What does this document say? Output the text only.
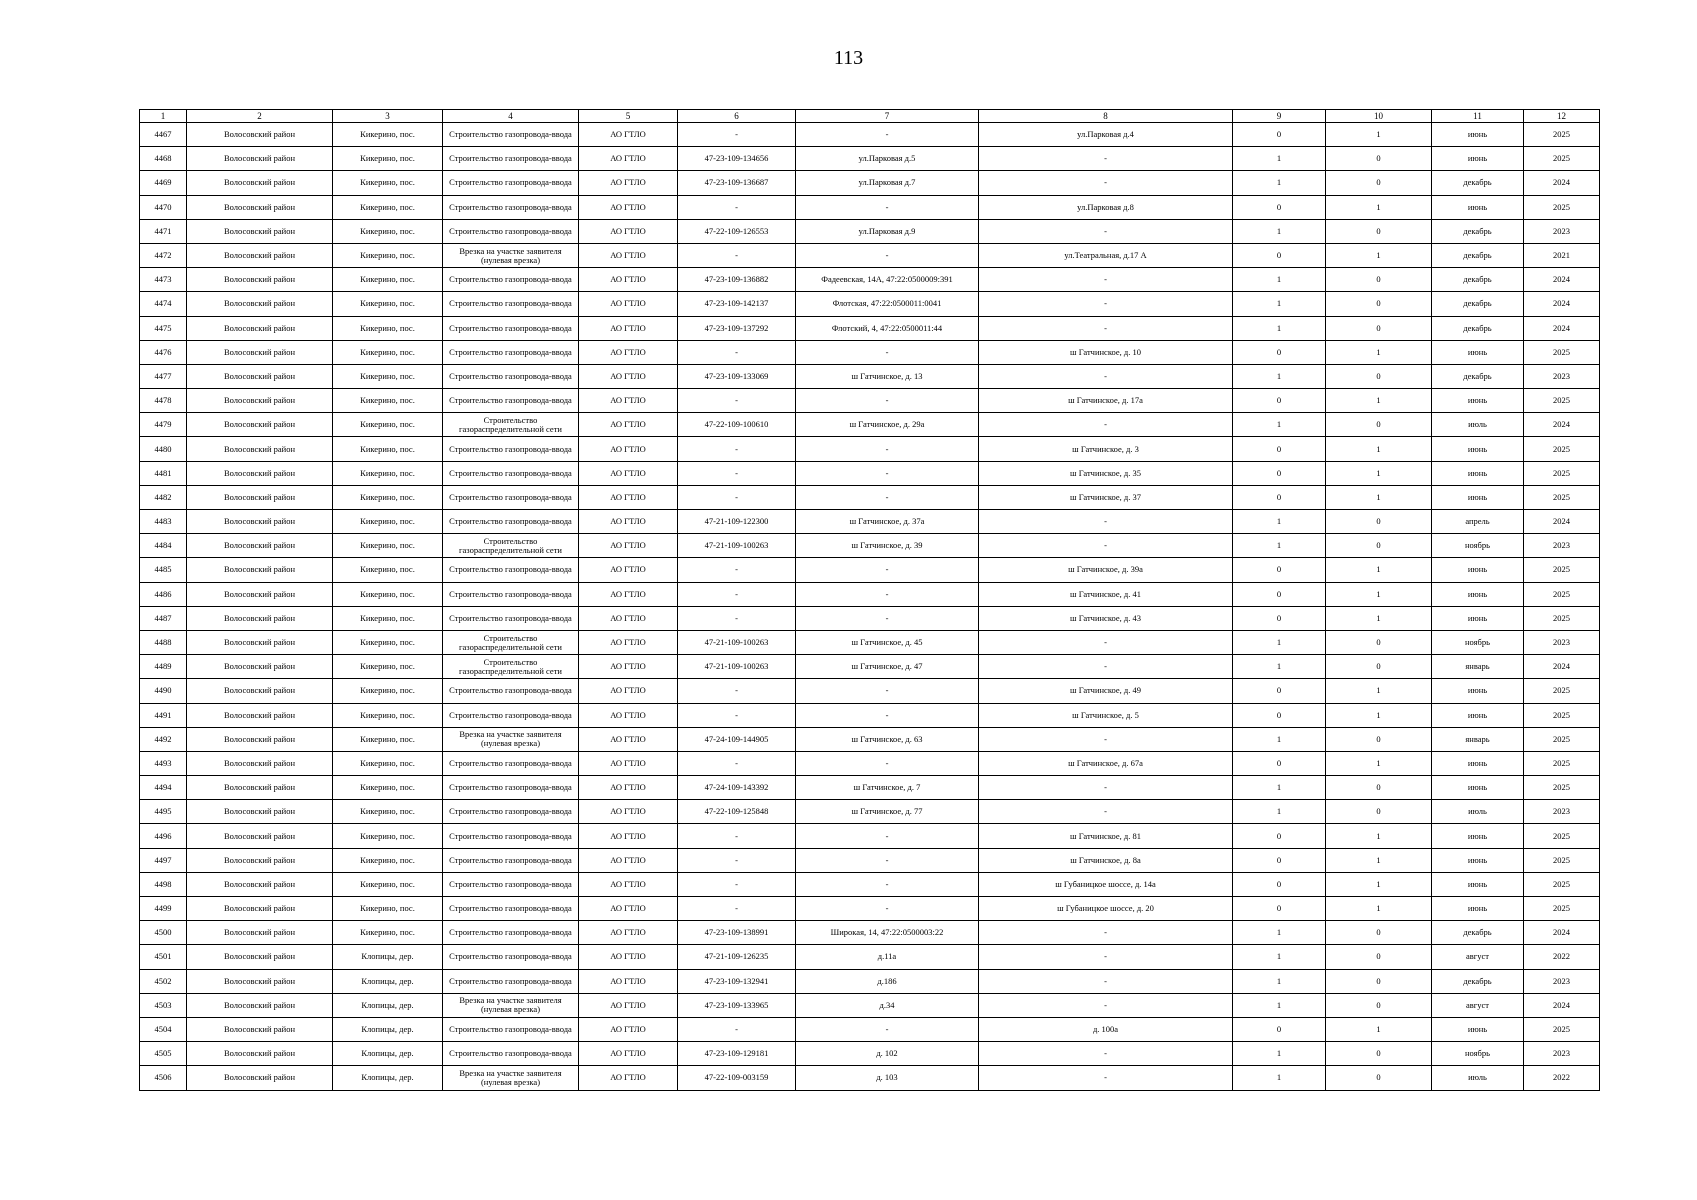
113
1	2	3	4	5	6	7	8	9	10	11	12
4467	Волосовский район	Кикерино, пос.	Строительство газопровода-ввода	АО ГТЛО	-	-	ул.Парковая д.4	0	1	июнь	2025
4468	Волосовский район	Кикерино, пос.	Строительство газопровода-ввода	АО ГТЛО	47-23-109-134656	ул.Парковая д.5	-	1	0	июнь	2025
4469	Волосовский район	Кикерино, пос.	Строительство газопровода-ввода	АО ГТЛО	47-23-109-136687	ул.Парковая д.7	-	1	0	декабрь	2024
4470	Волосовский район	Кикерино, пос.	Строительство газопровода-ввода	АО ГТЛО	-	-	ул.Парковая д.8	0	1	июнь	2025
4471	Волосовский район	Кикерино, пос.	Строительство газопровода-ввода	АО ГТЛО	47-22-109-126553	ул.Парковая д.9	-	1	0	декабрь	2023
4472	Волосовский район	Кикерино, пос.	Врезка на участке заявителя (нулевая врезка)	АО ГТЛО	-	-	ул.Театральная, д.17 А	0	1	декабрь	2021
4473	Волосовский район	Кикерино, пос.	Строительство газопровода-ввода	АО ГТЛО	47-23-109-136882	Фадеевская, 14А, 47:22:0500009:391	-	1	0	декабрь	2024
4474	Волосовский район	Кикерино, пос.	Строительство газопровода-ввода	АО ГТЛО	47-23-109-142137	Флотская, 47:22:0500011:0041	-	1	0	декабрь	2024
4475	Волосовский район	Кикерино, пос.	Строительство газопровода-ввода	АО ГТЛО	47-23-109-137292	Флотский, 4, 47:22:0500011:44	-	1	0	декабрь	2024
4476	Волосовский район	Кикерино, пос.	Строительство газопровода-ввода	АО ГТЛО	-	-	ш Гатчинское, д. 10	0	1	июнь	2025
4477	Волосовский район	Кикерино, пос.	Строительство газопровода-ввода	АО ГТЛО	47-23-109-133069	ш Гатчинское, д. 13	-	1	0	декабрь	2023
4478	Волосовский район	Кикерино, пос.	Строительство газопровода-ввода	АО ГТЛО	-	-	ш Гатчинское, д. 17а	0	1	июнь	2025
4479	Волосовский район	Кикерино, пос.	Строительство газораспределительной сети	АО ГТЛО	47-22-109-100610	ш Гатчинское, д. 29а	-	1	0	июль	2024
4480	Волосовский район	Кикерино, пос.	Строительство газопровода-ввода	АО ГТЛО	-	-	ш Гатчинское, д. 3	0	1	июнь	2025
4481	Волосовский район	Кикерино, пос.	Строительство газопровода-ввода	АО ГТЛО	-	-	ш Гатчинское, д. 35	0	1	июнь	2025
4482	Волосовский район	Кикерино, пос.	Строительство газопровода-ввода	АО ГТЛО	-	-	ш Гатчинское, д. 37	0	1	июнь	2025
4483	Волосовский район	Кикерино, пос.	Строительство газопровода-ввода	АО ГТЛО	47-21-109-122300	ш Гатчинское, д. 37а	-	1	0	апрель	2024
4484	Волосовский район	Кикерино, пос.	Строительство газораспределительной сети	АО ГТЛО	47-21-109-100263	ш Гатчинское, д. 39	-	1	0	ноябрь	2023
4485	Волосовский район	Кикерино, пос.	Строительство газопровода-ввода	АО ГТЛО	-	-	ш Гатчинское, д. 39а	0	1	июнь	2025
4486	Волосовский район	Кикерино, пос.	Строительство газопровода-ввода	АО ГТЛО	-	-	ш Гатчинское, д. 41	0	1	июнь	2025
4487	Волосовский район	Кикерино, пос.	Строительство газопровода-ввода	АО ГТЛО	-	-	ш Гатчинское, д. 43	0	1	июнь	2025
4488	Волосовский район	Кикерино, пос.	Строительство газораспределительной сети	АО ГТЛО	47-21-109-100263	ш Гатчинское, д. 45	-	1	0	ноябрь	2023
4489	Волосовский район	Кикерино, пос.	Строительство газораспределительной сети	АО ГТЛО	47-21-109-100263	ш Гатчинское, д. 47	-	1	0	январь	2024
4490	Волосовский район	Кикерино, пос.	Строительство газопровода-ввода	АО ГТЛО	-	-	ш Гатчинское, д. 49	0	1	июнь	2025
4491	Волосовский район	Кикерино, пос.	Строительство газопровода-ввода	АО ГТЛО	-	-	ш Гатчинское, д. 5	0	1	июнь	2025
4492	Волосовский район	Кикерино, пос.	Врезка на участке заявителя (нулевая врезка)	АО ГТЛО	47-24-109-144905	ш Гатчинское, д. 63	-	1	0	январь	2025
4493	Волосовский район	Кикерино, пос.	Строительство газопровода-ввода	АО ГТЛО	-	-	ш Гатчинское, д. 67а	0	1	июнь	2025
4494	Волосовский район	Кикерино, пос.	Строительство газопровода-ввода	АО ГТЛО	47-24-109-143392	ш Гатчинское, д. 7	-	1	0	июнь	2025
4495	Волосовский район	Кикерино, пос.	Строительство газопровода-ввода	АО ГТЛО	47-22-109-125848	ш Гатчинское, д. 77	-	1	0	июль	2023
4496	Волосовский район	Кикерино, пос.	Строительство газопровода-ввода	АО ГТЛО	-	-	ш Гатчинское, д. 81	0	1	июнь	2025
4497	Волосовский район	Кикерино, пос.	Строительство газопровода-ввода	АО ГТЛО	-	-	ш Гатчинское, д. 8а	0	1	июнь	2025
4498	Волосовский район	Кикерино, пос.	Строительство газопровода-ввода	АО ГТЛО	-	-	ш Губаницкое шоссе, д. 14а	0	1	июнь	2025
4499	Волосовский район	Кикерино, пос.	Строительство газопровода-ввода	АО ГТЛО	-	-	ш Губаницкое шоссе, д. 20	0	1	июнь	2025
4500	Волосовский район	Кикерино, пос.	Строительство газопровода-ввода	АО ГТЛО	47-23-109-138991	Широкая, 14, 47:22:0500003:22	-	1	0	декабрь	2024
4501	Волосовский район	Клопицы, дер.	Строительство газопровода-ввода	АО ГТЛО	47-21-109-126235	д.11а	-	1	0	август	2022
4502	Волосовский район	Клопицы, дер.	Строительство газопровода-ввода	АО ГТЛО	47-23-109-132941	д.186	-	1	0	декабрь	2023
4503	Волосовский район	Клопицы, дер.	Врезка на участке заявителя (нулевая врезка)	АО ГТЛО	47-23-109-133965	д.34	-	1	0	август	2024
4504	Волосовский район	Клопицы, дер.	Строительство газопровода-ввода	АО ГТЛО	-	-	д. 100а	0	1	июнь	2025
4505	Волосовский район	Клопицы, дер.	Строительство газопровода-ввода	АО ГТЛО	47-23-109-129181	д. 102	-	1	0	ноябрь	2023
4506	Волосовский район	Клопицы, дер.	Врезка на участке заявителя (нулевая врезка)	АО ГТЛО	47-22-109-003159	д. 103	-	1	0	июль	2022
